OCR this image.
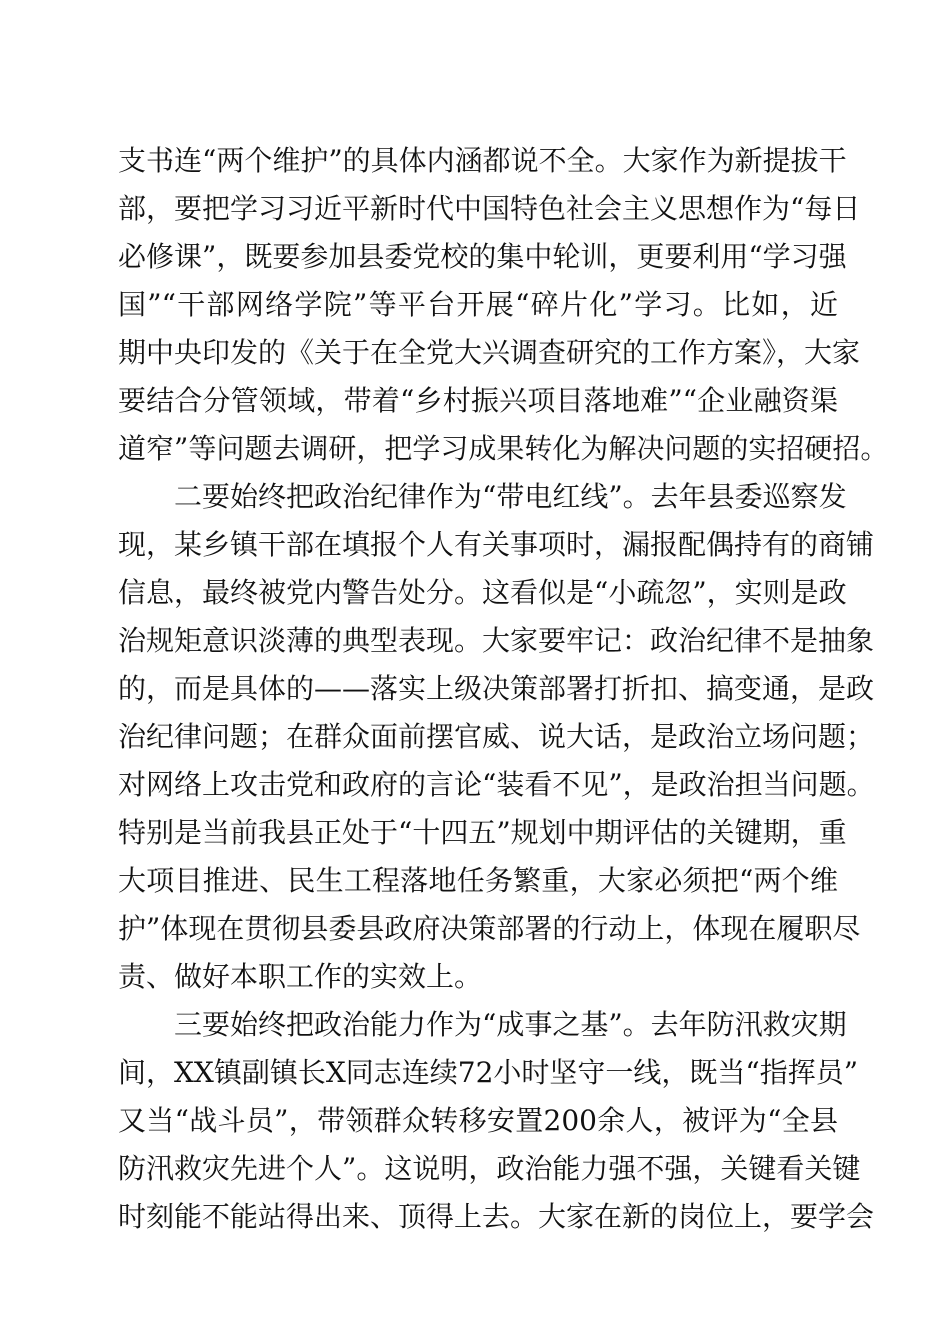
支书连“两个维护”的具体内涵都说不全。大家作为新提拔干
部，要把学习习近平新时代中国特色社会主义思想作为“每日
必修课”，既要参加县委党校的集中轮训，更要利用“学习强
国”“干部网络学院”等平台开展“碎片化”学习。比如，近
期中央印发的《关于在全党大兴调查研究的工作方案》，大家
要结合分管领域，带着“乡村振兴项目落地难”“企业融资渠
道窄”等问题去调研，把学习成果转化为解决问题的实招硬招。
二要始终把政治纪律作为“带电红线”。去年县委巡察发
现，某乡镇干部在填报个人有关事项时，漏报配偶持有的商铺
信息，最终被党内警告处分。这看似是“小疏忽”，实则是政
治规矩意识淡薄的典型表现。大家要牢记：政治纪律不是抽象
的，而是具体的——落实上级决策部署打折扣、搞变通，是政
治纪律问题；在群众面前摆官威、说大话，是政治立场问题；
对网络上攻击党和政府的言论“装看不见”，是政治担当问题。
特别是当前我县正处于“十四五”规划中期评估的关键期，重
大项目推进、民生工程落地任务繁重，大家必须把“两个维
护”体现在贯彻县委县政府决策部署的行动上，体现在履职尽
责、做好本职工作的实效上。
三要始终把政治能力作为“成事之基”。去年防汛救灾期
间，XX镇副镇长X同志连续72小时坚守一线，既当“指挥员”
又当“战斗员”，带领群众转移安置200余人，被评为“全县
防汛救灾先进个人”。这说明，政治能力强不强，关键看关键
时刻能不能站得出来、顶得上去。大家在新的岗位上，要学会
